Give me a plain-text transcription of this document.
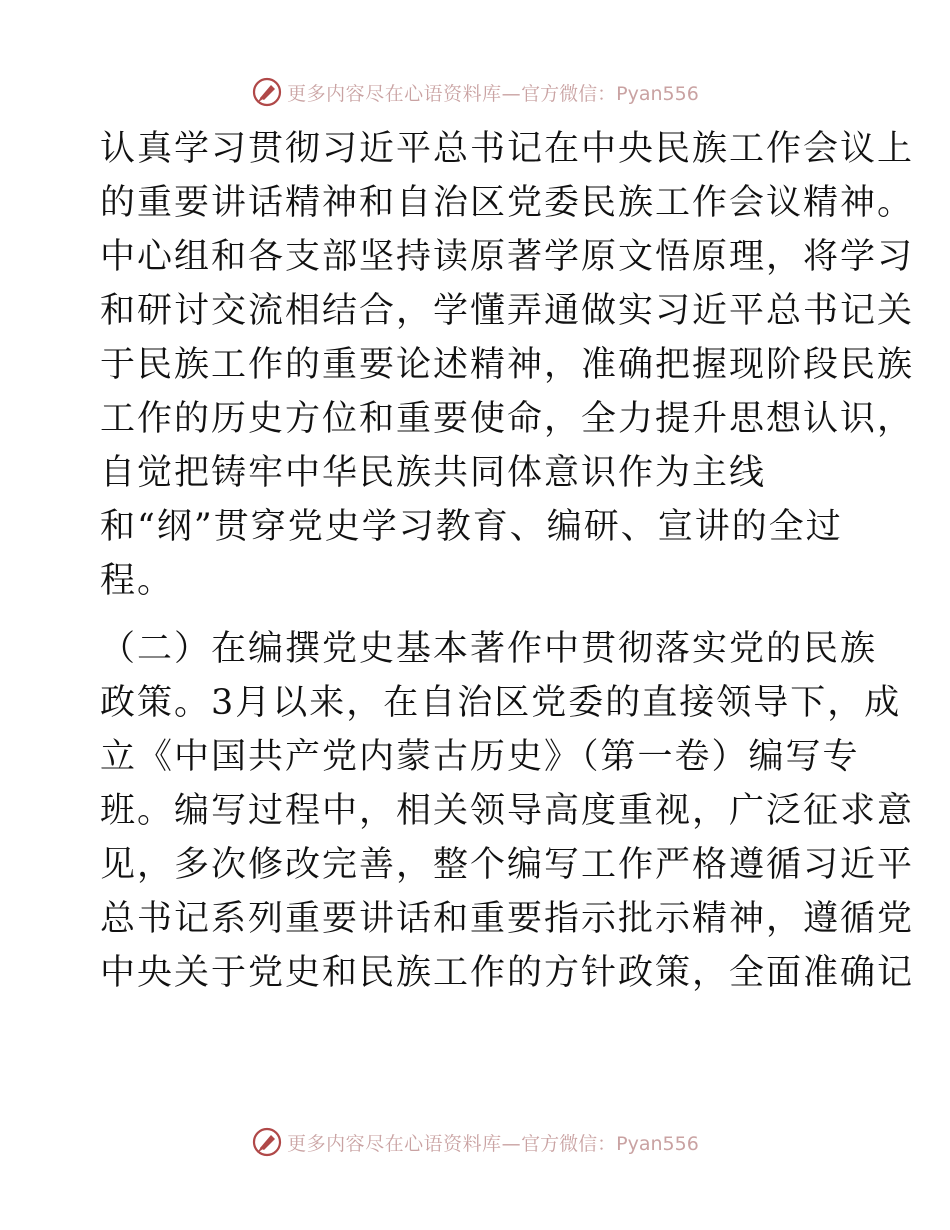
更多内容尽在心语资料库— 官方微信：Pyan556
认真学习贯彻习近平总书记在中央民族工作会议上
的重要讲话精神和自治区党委民族工作会议精神。
中心组和各支部坚持读原著学原文悟原理，将学习
和研讨交流相结合，学懂弄通做实习近平总书记关
于民族工作的重要论述精神，准确把握现阶段民族
工作的历史方位和重要使命，全力提升思想认识，
自觉把铸牢中华民族共同体意识作为主线
和“纲”贯穿党史学习教育、编研、宣讲的全过
程。
（二）在编撰党史基本著作中贯彻落实党的民族
政策。3月以来，在自治区党委的直接领导下，成
立《中国共产党内蒙古历史》（第一卷）编写专
班。编写过程中，相关领导高度重视，广泛征求意
见，多次修改完善，整个编写工作严格遵循习近平
总书记系列重要讲话和重要指示批示精神，遵循党
中央关于党史和民族工作的方针政策，全面准确记
更多内容尽在心语资料库— 官方微信：Pyan556
